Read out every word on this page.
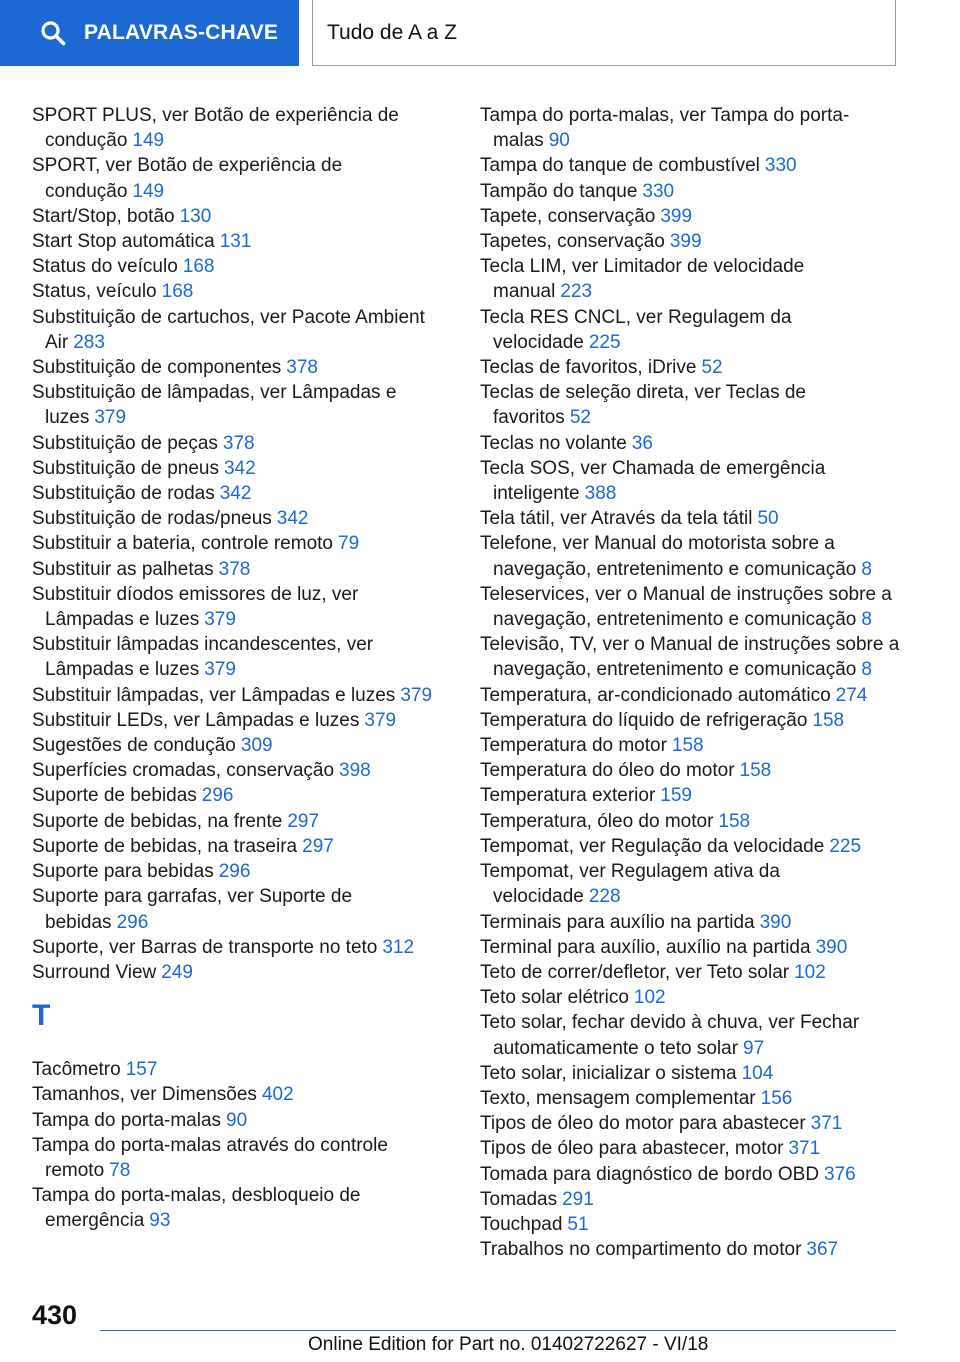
PALAVRAS-CHAVE Tudo de A a Z
SPORT PLUS, ver Botão de experiência de condução 149
SPORT, ver Botão de experiência de condução 149
Start/Stop, botão 130
Start Stop automática 131
Status do veículo 168
Status, veículo 168
Substituição de cartuchos, ver Pacote Ambient Air 283
Substituição de componentes 378
Substituição de lâmpadas, ver Lâmpadas e luzes 379
Substituição de peças 378
Substituição de pneus 342
Substituição de rodas 342
Substituição de rodas/pneus 342
Substituir a bateria, controle remoto 79
Substituir as palhetas 378
Substituir díodos emissores de luz, ver Lâmpadas e luzes 379
Substituir lâmpadas incandescentes, ver Lâmpadas e luzes 379
Substituir lâmpadas, ver Lâmpadas e luzes 379
Substituir LEDs, ver Lâmpadas e luzes 379
Sugestões de condução 309
Superfícies cromadas, conservação 398
Suporte de bebidas 296
Suporte de bebidas, na frente 297
Suporte de bebidas, na traseira 297
Suporte para bebidas 296
Suporte para garrafas, ver Suporte de bebidas 296
Suporte, ver Barras de transporte no teto 312
Surround View 249
T
Tacômetro 157
Tamanhos, ver Dimensões 402
Tampa do porta-malas 90
Tampa do porta-malas através do controle remoto 78
Tampa do porta-malas, desbloqueio de emergência 93
Tampa do porta-malas, ver Tampa do porta-malas 90
Tampa do tanque de combustível 330
Tampão do tanque 330
Tapete, conservação 399
Tapetes, conservação 399
Tecla LIM, ver Limitador de velocidade manual 223
Tecla RES CNCL, ver Regulagem da velocidade 225
Teclas de favoritos, iDrive 52
Teclas de seleção direta, ver Teclas de favoritos 52
Teclas no volante 36
Tecla SOS, ver Chamada de emergência inteligente 388
Tela tátil, ver Através da tela tátil 50
Telefone, ver Manual do motorista sobre a navegação, entretenimento e comunicação 8
Teleservices, ver o Manual de instruções sobre a navegação, entretenimento e comunicação 8
Televisão, TV, ver o Manual de instruções sobre a navegação, entretenimento e comunicação 8
Temperatura, ar-condicionado automático 274
Temperatura do líquido de refrigeração 158
Temperatura do motor 158
Temperatura do óleo do motor 158
Temperatura exterior 159
Temperatura, óleo do motor 158
Tempomat, ver Regulação da velocidade 225
Tempomat, ver Regulagem ativa da velocidade 228
Terminais para auxílio na partida 390
Terminal para auxílio, auxílio na partida 390
Teto de correr/defletor, ver Teto solar 102
Teto solar elétrico 102
Teto solar, fechar devido à chuva, ver Fechar automaticamente o teto solar 97
Teto solar, inicializar o sistema 104
Texto, mensagem complementar 156
Tipos de óleo do motor para abastecer 371
Tipos de óleo para abastecer, motor 371
Tomada para diagnóstico de bordo OBD 376
Tomadas 291
Touchpad 51
Trabalhos no compartimento do motor 367
430
Online Edition for Part no. 01402722627 - VI/18
